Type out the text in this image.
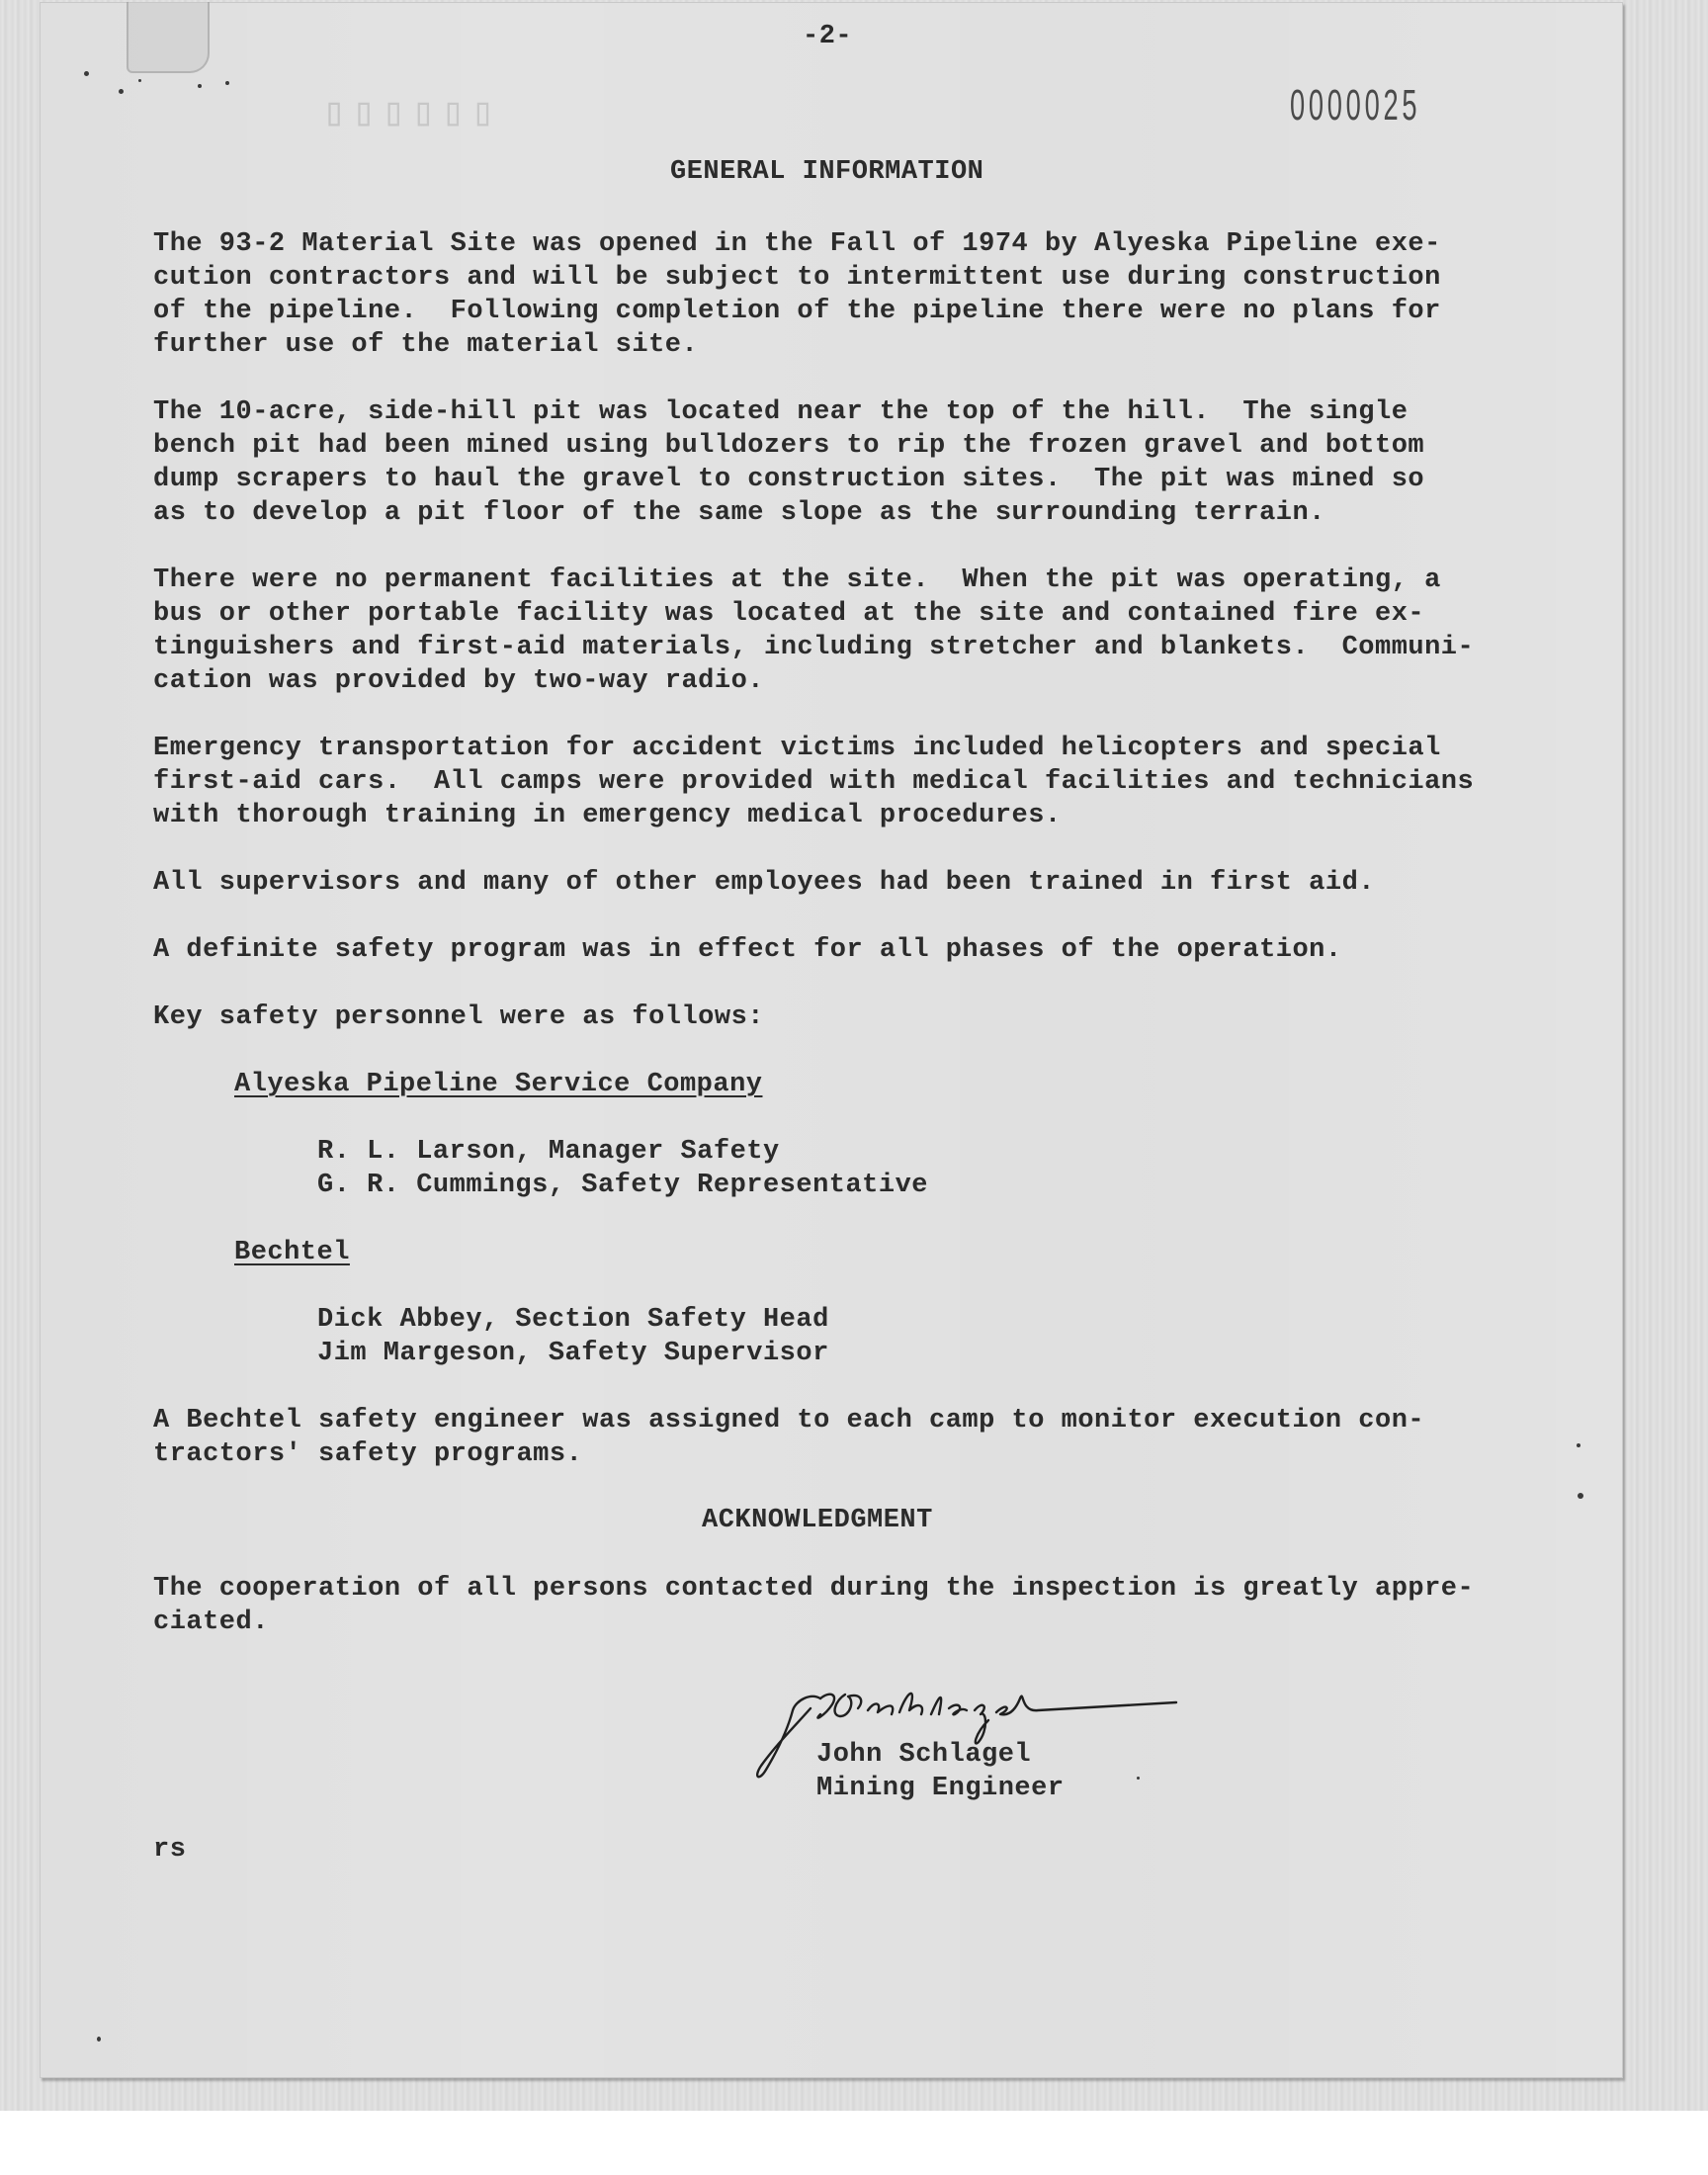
▯▯▯▯▯▯
-2-
0000025
GENERAL INFORMATION
The 93-2 Material Site was opened in the Fall of 1974 by Alyeska Pipeline exe-
cution contractors and will be subject to intermittent use during construction
of the pipeline.  Following completion of the pipeline there were no plans for
further use of the material site.
The 10-acre, side-hill pit was located near the top of the hill.  The single
bench pit had been mined using bulldozers to rip the frozen gravel and bottom
dump scrapers to haul the gravel to construction sites.  The pit was mined so
as to develop a pit floor of the same slope as the surrounding terrain.
There were no permanent facilities at the site.  When the pit was operating, a
bus or other portable facility was located at the site and contained fire ex-
tinguishers and first-aid materials, including stretcher and blankets.  Communi-
cation was provided by two-way radio.
Emergency transportation for accident victims included helicopters and special
first-aid cars.  All camps were provided with medical facilities and technicians
with thorough training in emergency medical procedures.
All supervisors and many of other employees had been trained in first aid.
A definite safety program was in effect for all phases of the operation.
Key safety personnel were as follows:
Alyeska Pipeline Service Company
R. L. Larson, Manager Safety
G. R. Cummings, Safety Representative
Bechtel
Dick Abbey, Section Safety Head
Jim Margeson, Safety Supervisor
A Bechtel safety engineer was assigned to each camp to monitor execution con-
tractors' safety programs.
ACKNOWLEDGMENT
The cooperation of all persons contacted during the inspection is greatly appre-
ciated.
John Schlagel
Mining Engineer
rs
